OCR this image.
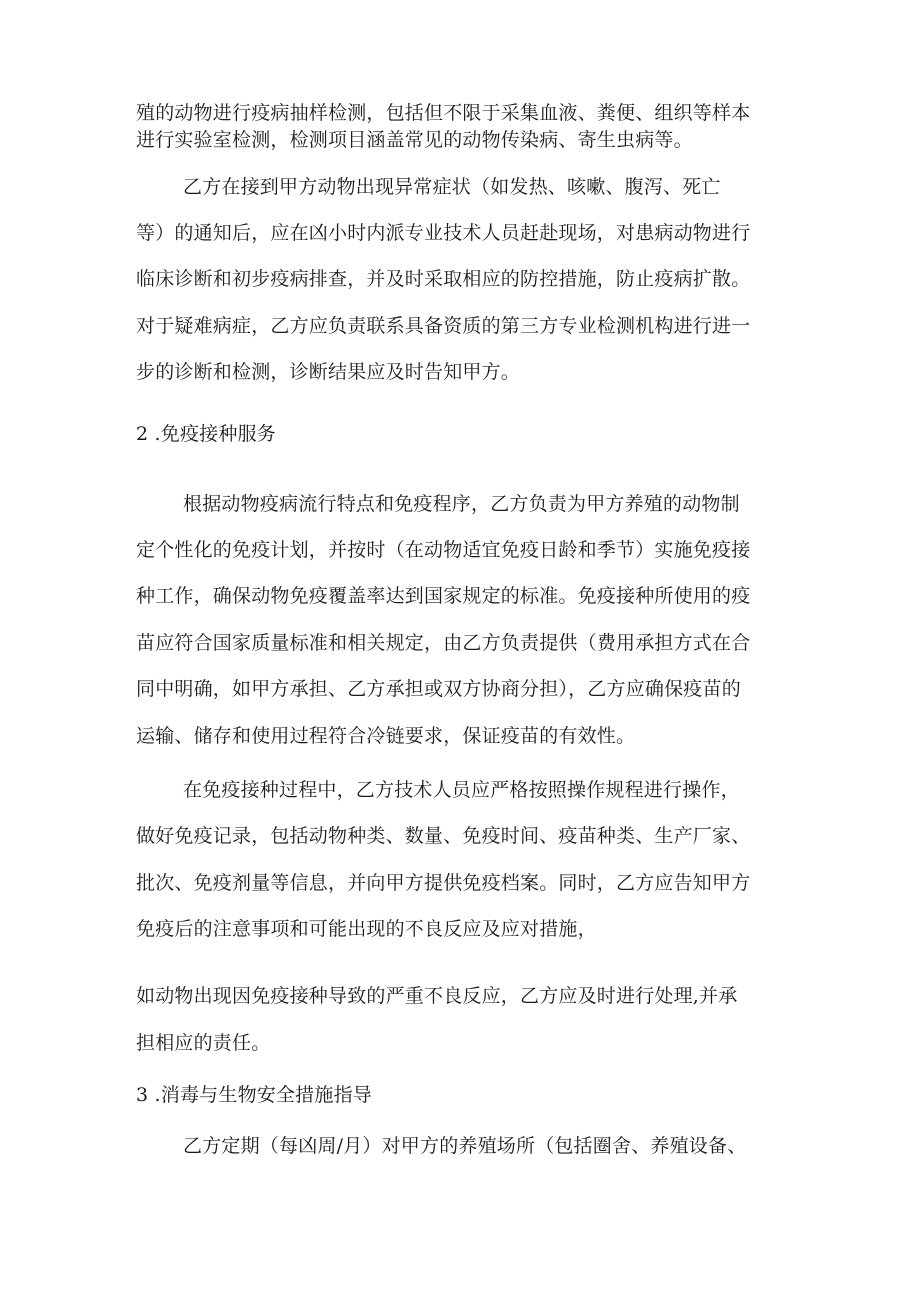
殖的动物进行疫病抽样检测，包括但不限于采集血液、粪便、组织等样本
进行实验室检测，检测项目涵盖常见的动物传染病、寄生虫病等。
乙方在接到甲方动物出现异常症状（如发热、咳嗽、腹泻、死亡
等）的通知后，应在凶小时内派专业技术人员赶赴现场，对患病动物进行
临床诊断和初步疫病排查，并及时采取相应的防控措施，防止疫病扩散。
对于疑难病症，乙方应负责联系具备资质的第三方专业检测机构进行进一
步的诊断和检测，诊断结果应及时告知甲方。
2 .免疫接种服务
根据动物疫病流行特点和免疫程序，乙方负责为甲方养殖的动物制
定个性化的免疫计划，并按时（在动物适宜免疫日龄和季节）实施免疫接
种工作，确保动物免疫覆盖率达到国家规定的标准。免疫接种所使用的疫
苗应符合国家质量标准和相关规定，由乙方负责提供（费用承担方式在合
同中明确，如甲方承担、乙方承担或双方协商分担），乙方应确保疫苗的
运输、储存和使用过程符合冷链要求，保证疫苗的有效性。
在免疫接种过程中，乙方技术人员应严格按照操作规程进行操作，
做好免疫记录，包括动物种类、数量、免疫时间、疫苗种类、生产厂家、
批次、免疫剂量等信息，并向甲方提供免疫档案。同时，乙方应告知甲方
免疫后的注意事项和可能出现的不良反应及应对措施，
如动物出现因免疫接种导致的严重不良反应，乙方应及时进行处理,并承
担相应的责任。
3 .消毒与生物安全措施指导
乙方定期（每凶周/月）对甲方的养殖场所（包括圈舍、养殖设备、
